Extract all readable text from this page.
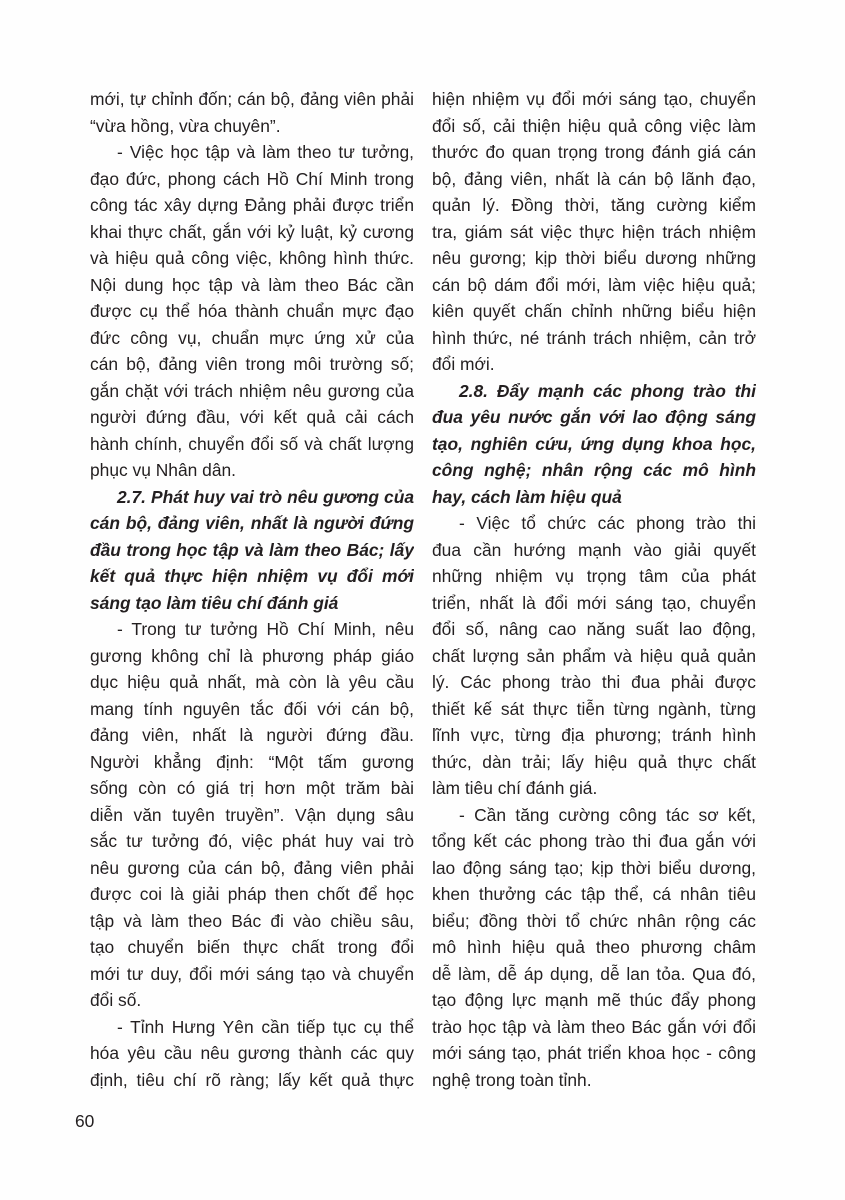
mới, tự chỉnh đốn; cán bộ, đảng viên phải
“vừa hồng, vừa chuyên”.
- Việc học tập và làm theo tư tưởng,
đạo đức, phong cách Hồ Chí Minh trong
công tác xây dựng Đảng phải được triển
khai thực chất, gắn với kỷ luật, kỷ cương
và hiệu quả công việc, không hình thức.
Nội dung học tập và làm theo Bác cần
được cụ thể hóa thành chuẩn mực đạo
đức công vụ, chuẩn mực ứng xử của
cán bộ, đảng viên trong môi trường số;
gắn chặt với trách nhiệm nêu gương của
người đứng đầu, với kết quả cải cách
hành chính, chuyển đổi số và chất lượng
phục vụ Nhân dân.
2.7. Phát huy vai trò nêu gương của
cán bộ, đảng viên, nhất là người đứng
đầu trong học tập và làm theo Bác; lấy
kết quả thực hiện nhiệm vụ đổi mới
sáng tạo làm tiêu chí đánh giá
- Trong tư tưởng Hồ Chí Minh, nêu
gương không chỉ là phương pháp giáo
dục hiệu quả nhất, mà còn là yêu cầu
mang tính nguyên tắc đối với cán bộ,
đảng viên, nhất là người đứng đầu.
Người khẳng định: “Một tấm gương
sống còn có giá trị hơn một trăm bài
diễn văn tuyên truyền”. Vận dụng sâu
sắc tư tưởng đó, việc phát huy vai trò
nêu gương của cán bộ, đảng viên phải
được coi là giải pháp then chốt để học
tập và làm theo Bác đi vào chiều sâu,
tạo chuyển biến thực chất trong đổi
mới tư duy, đổi mới sáng tạo và chuyển
đổi số.
- Tỉnh Hưng Yên cần tiếp tục cụ thể
hóa yêu cầu nêu gương thành các quy
định, tiêu chí rõ ràng; lấy kết quả thực
hiện nhiệm vụ đổi mới sáng tạo, chuyển
đổi số, cải thiện hiệu quả công việc làm
thước đo quan trọng trong đánh giá cán
bộ, đảng viên, nhất là cán bộ lãnh đạo,
quản lý. Đồng thời, tăng cường kiểm
tra, giám sát việc thực hiện trách nhiệm
nêu gương; kịp thời biểu dương những
cán bộ dám đổi mới, làm việc hiệu quả;
kiên quyết chấn chỉnh những biểu hiện
hình thức, né tránh trách nhiệm, cản trở
đổi mới.
2.8. Đẩy mạnh các phong trào thi
đua yêu nước gắn với lao động sáng
tạo, nghiên cứu, ứng dụng khoa học,
công nghệ; nhân rộng các mô hình
hay, cách làm hiệu quả
- Việc tổ chức các phong trào thi
đua cần hướng mạnh vào giải quyết
những nhiệm vụ trọng tâm của phát
triển, nhất là đổi mới sáng tạo, chuyển
đổi số, nâng cao năng suất lao động,
chất lượng sản phẩm và hiệu quả quản
lý. Các phong trào thi đua phải được
thiết kế sát thực tiễn từng ngành, từng
lĩnh vực, từng địa phương; tránh hình
thức, dàn trải; lấy hiệu quả thực chất
làm tiêu chí đánh giá.
- Cần tăng cường công tác sơ kết,
tổng kết các phong trào thi đua gắn với
lao động sáng tạo; kịp thời biểu dương,
khen thưởng các tập thể, cá nhân tiêu
biểu; đồng thời tổ chức nhân rộng các
mô hình hiệu quả theo phương châm
dễ làm, dễ áp dụng, dễ lan tỏa. Qua đó,
tạo động lực mạnh mẽ thúc đẩy phong
trào học tập và làm theo Bác gắn với đổi
mới sáng tạo, phát triển khoa học - công
nghệ trong toàn tỉnh.
60
